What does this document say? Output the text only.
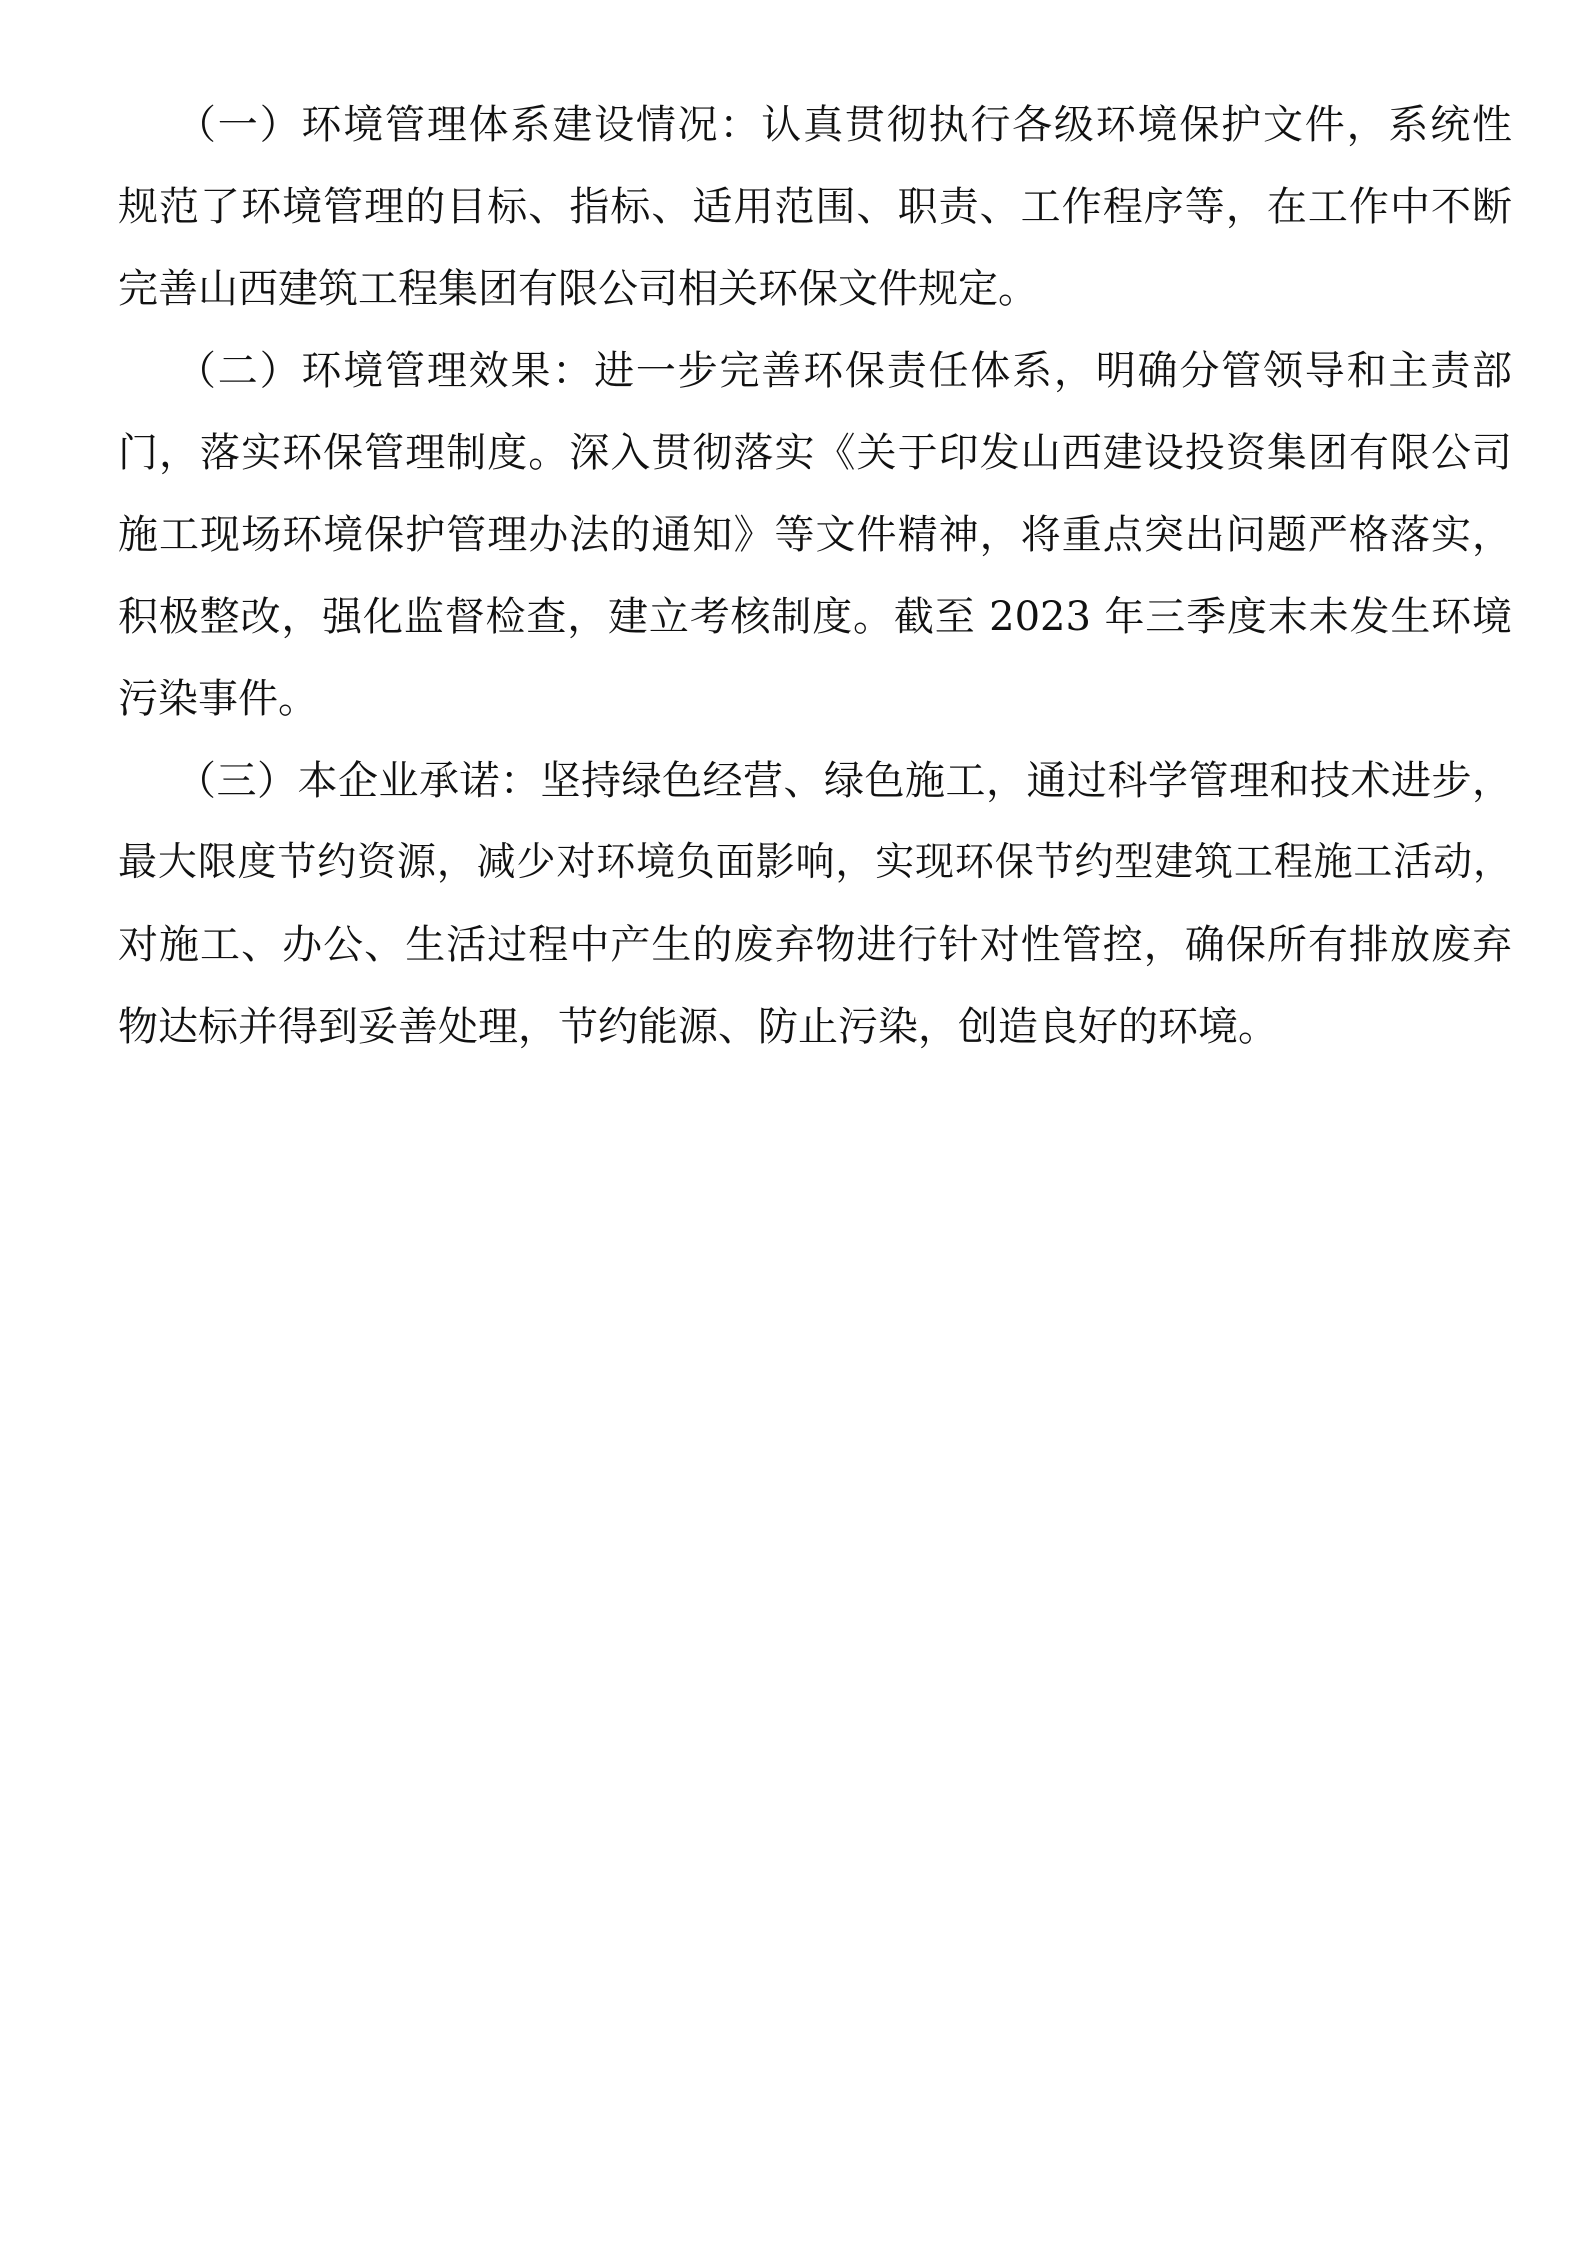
（一）环境管理体系建设情况：认真贯彻执行各级环境保护文件，系统性
规范了环境管理的目标、指标、适用范围、职责、工作程序等，在工作中不断
完善山西建筑工程集团有限公司相关环保文件规定。
（二）环境管理效果：进一步完善环保责任体系，明确分管领导和主责部
门，落实环保管理制度。深入贯彻落实《关于印发山西建设投资集团有限公司
施工现场环境保护管理办法的通知》等文件精神，将重点突出问题严格落实，
积极整改，强化监督检查，建立考核制度。截至 2023 年三季度末未发生环境
污染事件。
（三）本企业承诺：坚持绿色经营、绿色施工，通过科学管理和技术进步，
最大限度节约资源，减少对环境负面影响，实现环保节约型建筑工程施工活动，
对施工、办公、生活过程中产生的废弃物进行针对性管控，确保所有排放废弃
物达标并得到妥善处理，节约能源、防止污染，创造良好的环境。
